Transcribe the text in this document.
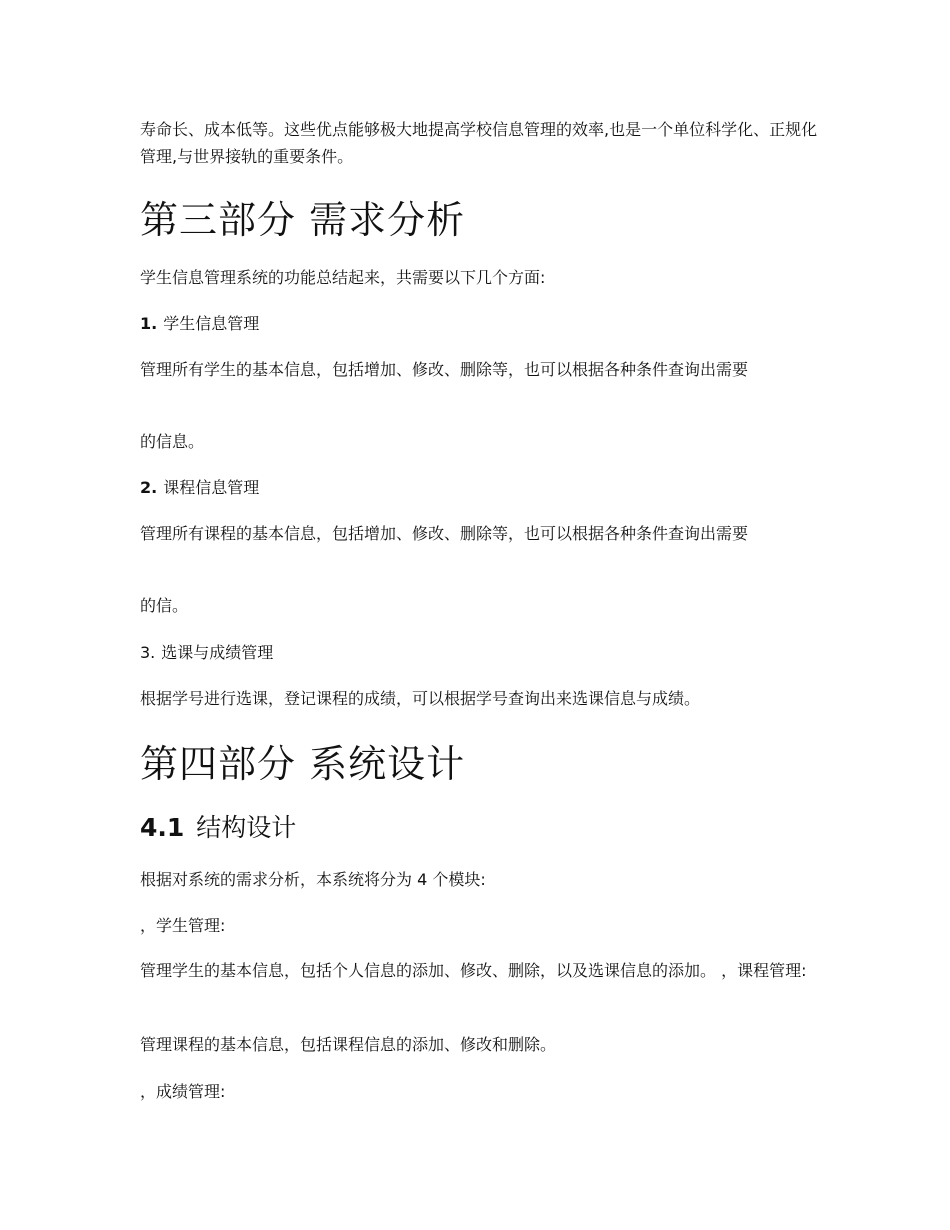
寿命长、成本低等。这些优点能够极大地提高学校信息管理的效率,也是一个单位科学化、正规化管理,与世界接轨的重要条件。

第三部分 需求分析

学生信息管理系统的功能总结起来，共需要以下几个方面:

1. 学生信息管理

管理所有学生的基本信息，包括增加、修改、删除等，也可以根据各种条件查询出需要

的信息。

2. 课程信息管理

管理所有课程的基本信息，包括增加、修改、删除等，也可以根据各种条件查询出需要

的信。

3. 选课与成绩管理

根据学号进行选课，登记课程的成绩，可以根据学号查询出来选课信息与成绩。

第四部分 系统设计
4.1 结构设计

根据对系统的需求分析，本系统将分为 4 个模块:

，学生管理:

管理学生的基本信息，包括个人信息的添加、修改、删除，以及选课信息的添加。 ，课程管理:

管理课程的基本信息，包括课程信息的添加、修改和删除。

，成绩管理:
